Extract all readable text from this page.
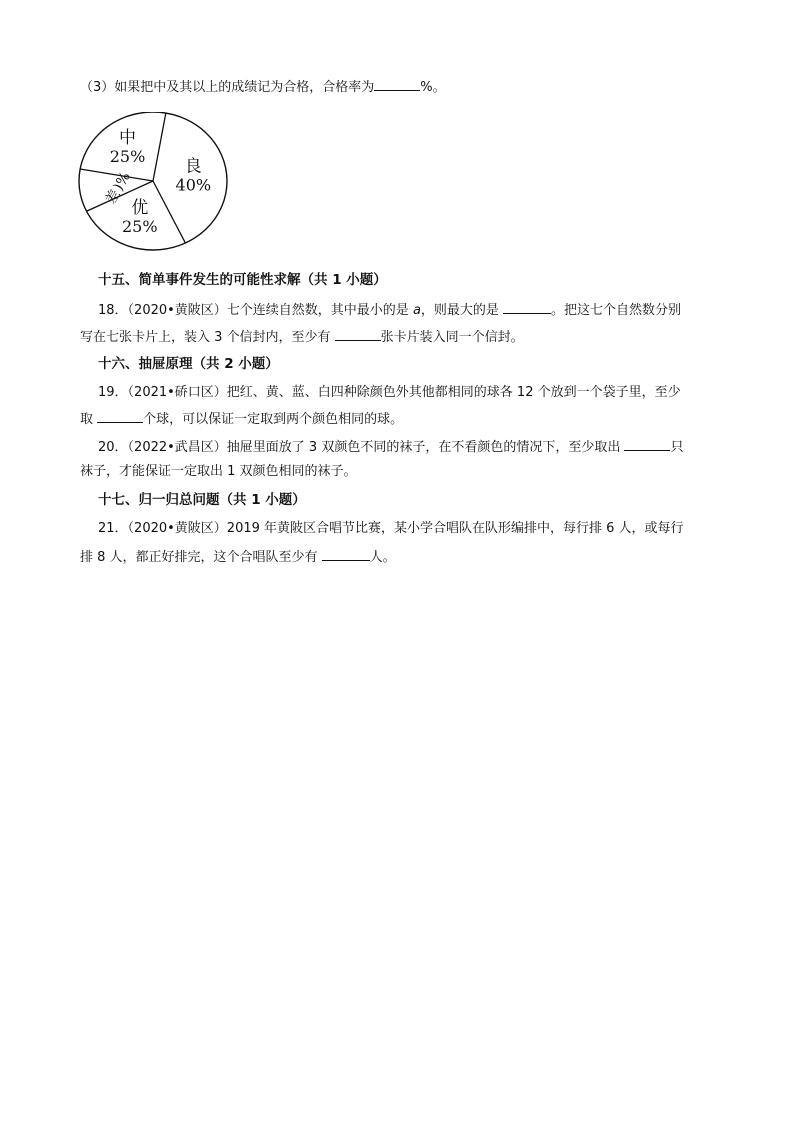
（3）如果把中及其以上的成绩记为合格，合格率为	%。
良
40%
优
25%
差
)%
中
25%
十五、简单事件发生的可能性求解（共 1 小题）
18．（2020•黄陂区）七个连续自然数，其中最小的是 a，则最大的是	。把这七个自然数分别
写在七张卡片上，装入 3 个信封内，至少有	张卡片装入同一个信封。
十六、抽屉原理（共 2 小题）
19．（2021•硚口区）把红、黄、蓝、白四种除颜色外其他都相同的球各 12 个放到一个袋子里，至少
取	个球，可以保证一定取到两个颜色相同的球。
20．（2022•武昌区）抽屉里面放了 3 双颜色不同的袜子，在不看颜色的情况下，至少取出	只
袜子，才能保证一定取出 1 双颜色相同的袜子。
十七、归一归总问题（共 1 小题）
21．（2020•黄陂区）2019 年黄陂区合唱节比赛，某小学合唱队在队形编排中，每行排 6 人，或每行
排 8 人，都正好排完，这个合唱队至少有	人。
